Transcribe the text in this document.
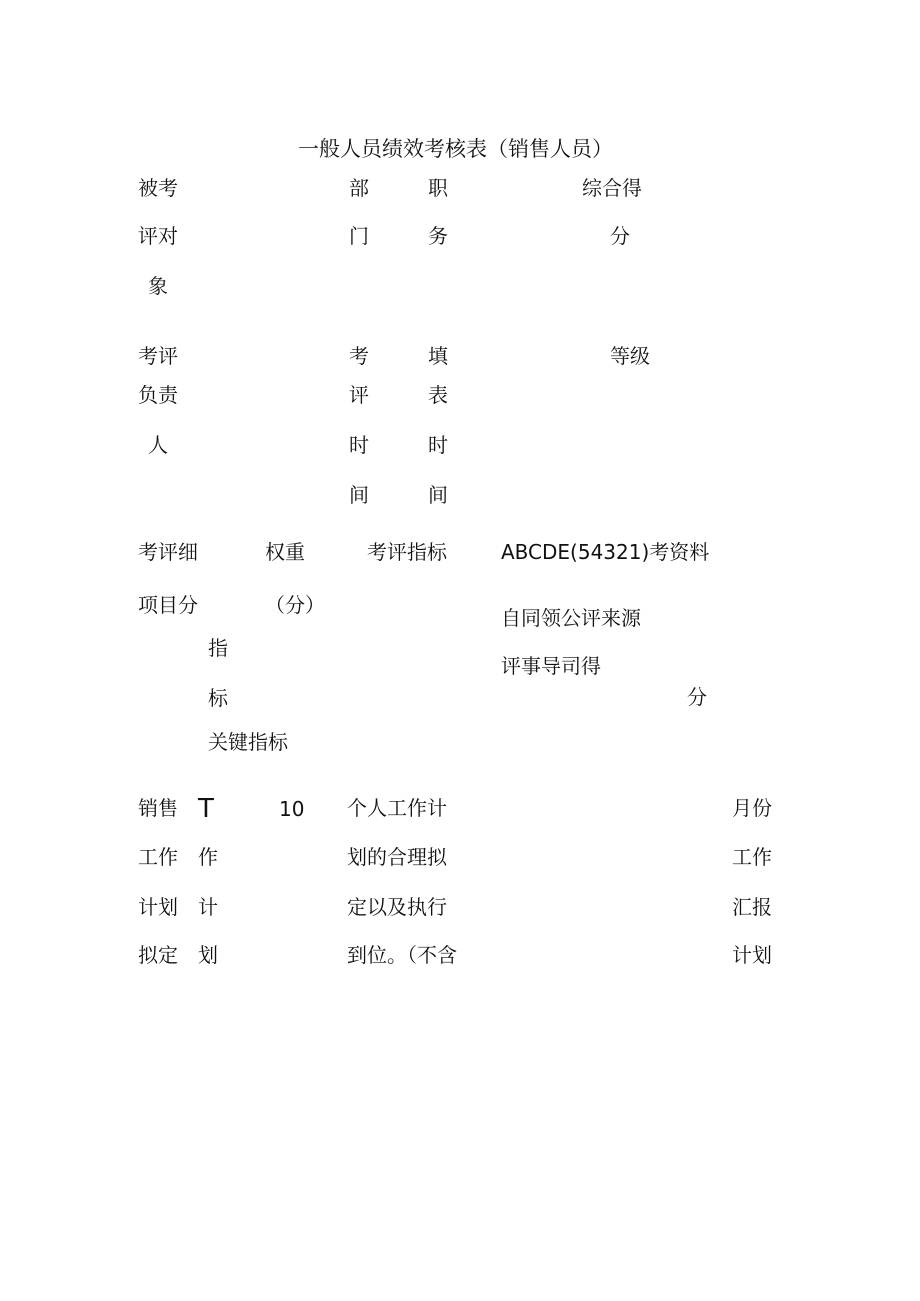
一般人员绩效考核表（销售人员）
被考
评对
象
部
门
职
务
综合得
分
考评
负责
人
考
评
时
间
填
表
时
间
等级
考评细
项目分
指
标
关键指标
权重
（分）
考评指标	ABCDE(54321)考资料
自同领公评来源
评事导司得
分
销售
工作
计划
拟定
T
作
计
划
10 个人工作计
划的合理拟
定以及执行
到位。（不含
月份
工作
汇报
计划
